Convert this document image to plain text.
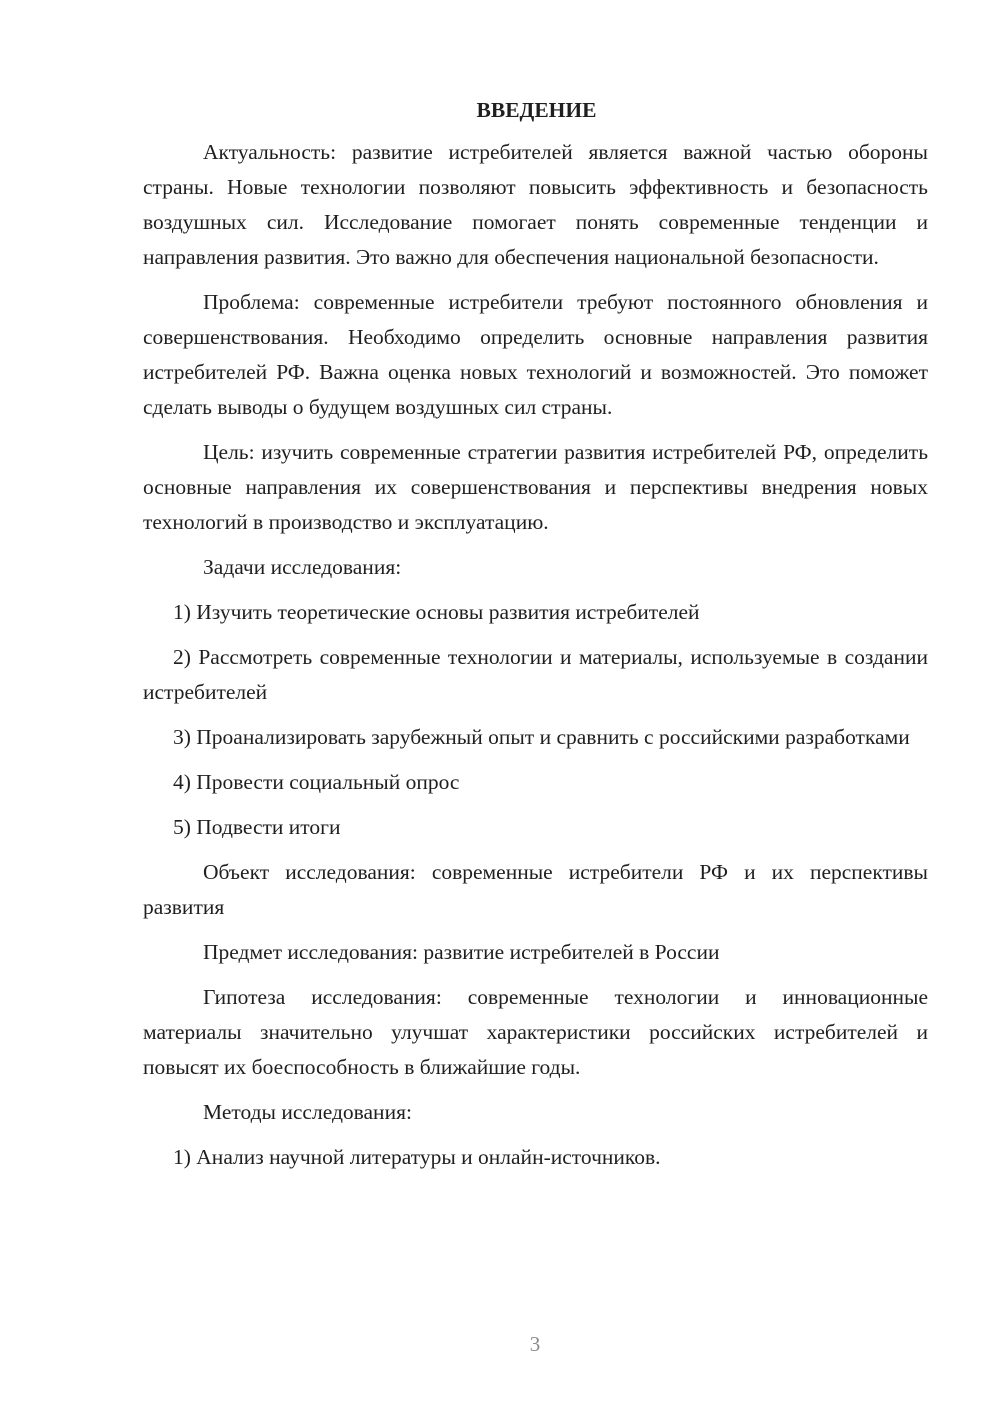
ВВЕДЕНИЕ

Актуальность: развитие истребителей является важной частью обороны страны. Новые технологии позволяют повысить эффективность и безопасность воздушных сил. Исследование помогает понять современные тенденции и направления развития. Это важно для обеспечения национальной безопасности.

Проблема: современные истребители требуют постоянного обновления и совершенствования. Необходимо определить основные направления развития истребителей РФ. Важна оценка новых технологий и возможностей. Это поможет сделать выводы о будущем воздушных сил страны.

Цель: изучить современные стратегии развития истребителей РФ, определить основные направления их совершенствования и перспективы внедрения новых технологий в производство и эксплуатацию.

Задачи исследования:

1) Изучить теоретические основы развития истребителей

2) Рассмотреть современные технологии и материалы, используемые в создании истребителей

3) Проанализировать зарубежный опыт и сравнить с российскими разработками

4) Провести социальный опрос

5) Подвести итоги

Объект исследования: современные истребители РФ и их перспективы развития

Предмет исследования: развитие истребителей в России

Гипотеза исследования: современные технологии и инновационные материалы значительно улучшат характеристики российских истребителей и повысят их боеспособность в ближайшие годы.

Методы исследования:

1) Анализ научной литературы и онлайн-источников.

3
